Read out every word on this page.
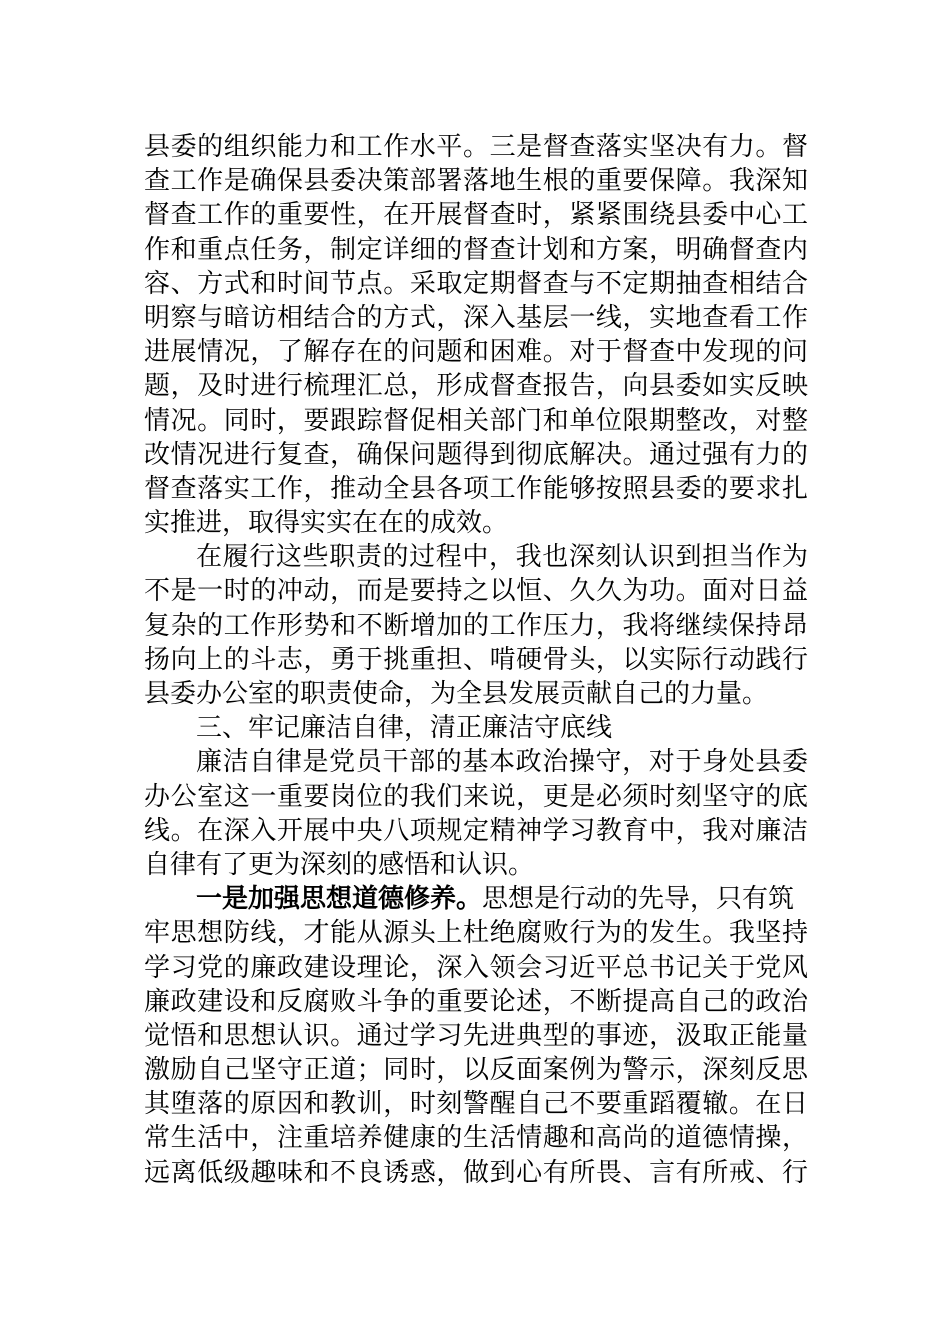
县委的组织能力和工作水平。三是督查落实坚决有力。督
查工作是确保县委决策部署落地生根的重要保障。我深知
督查工作的重要性，在开展督查时，紧紧围绕县委中心工
作和重点任务，制定详细的督查计划和方案，明确督查内
容、方式和时间节点。采取定期督查与不定期抽查相结合
明察与暗访相结合的方式，深入基层一线，实地查看工作
进展情况，了解存在的问题和困难。对于督查中发现的问
题，及时进行梳理汇总，形成督查报告，向县委如实反映
情况。同时，要跟踪督促相关部门和单位限期整改，对整
改情况进行复查，确保问题得到彻底解决。通过强有力的
督查落实工作，推动全县各项工作能够按照县委的要求扎
实推进，取得实实在在的成效。
在履行这些职责的过程中，我也深刻认识到担当作为
不是一时的冲动，而是要持之以恒、久久为功。面对日益
复杂的工作形势和不断增加的工作压力，我将继续保持昂
扬向上的斗志，勇于挑重担、啃硬骨头，以实际行动践行
县委办公室的职责使命，为全县发展贡献自己的力量。
三、牢记廉洁自律，清正廉洁守底线
廉洁自律是党员干部的基本政治操守，对于身处县委
办公室这一重要岗位的我们来说，更是必须时刻坚守的底
线。在深入开展中央八项规定精神学习教育中，我对廉洁
自律有了更为深刻的感悟和认识。
一是加强思想道德修养。思想是行动的先导，只有筑
牢思想防线，才能从源头上杜绝腐败行为的发生。我坚持
学习党的廉政建设理论，深入领会习近平总书记关于党风
廉政建设和反腐败斗争的重要论述，不断提高自己的政治
觉悟和思想认识。通过学习先进典型的事迹，汲取正能量
激励自己坚守正道；同时，以反面案例为警示，深刻反思
其堕落的原因和教训，时刻警醒自己不要重蹈覆辙。在日
常生活中，注重培养健康的生活情趣和高尚的道德情操，
远离低级趣味和不良诱惑，做到心有所畏、言有所戒、行
